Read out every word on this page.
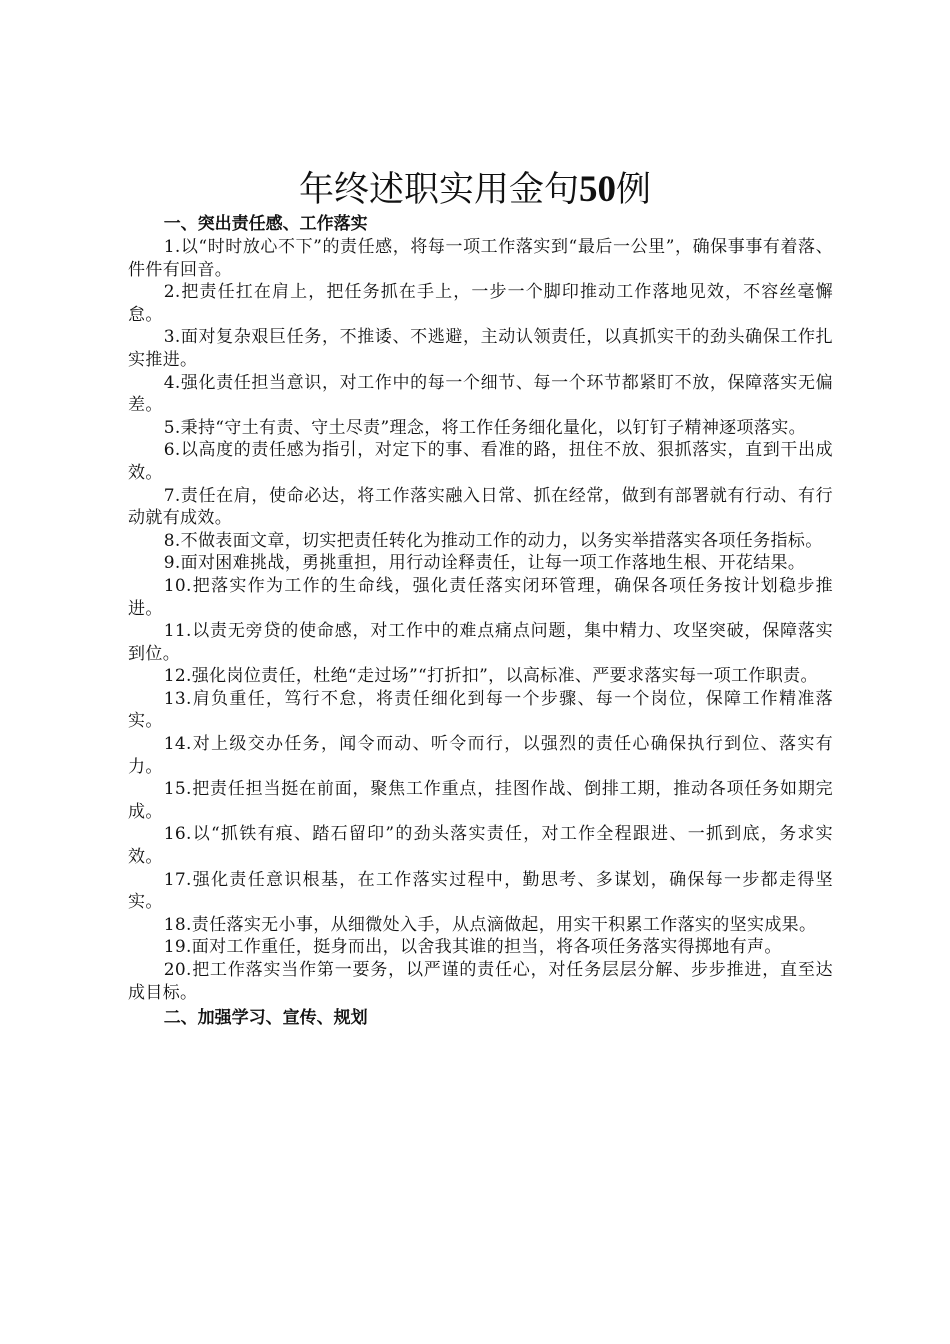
年终述职实用金句50例

一、突出责任感、工作落实

1.以“时时放心不下”的责任感，将每一项工作落实到“最后一公里”，确保事事有着落、件件有回音。

2.把责任扛在肩上，把任务抓在手上，一步一个脚印推动工作落地见效，不容丝毫懈怠。

3.面对复杂艰巨任务，不推诿、不逃避，主动认领责任，以真抓实干的劲头确保工作扎实推进。

4.强化责任担当意识，对工作中的每一个细节、每一个环节都紧盯不放，保障落实无偏差。

5.秉持“守土有责、守土尽责”理念，将工作任务细化量化，以钉钉子精神逐项落实。

6.以高度的责任感为指引，对定下的事、看准的路，扭住不放、狠抓落实，直到干出成效。

7.责任在肩，使命必达，将工作落实融入日常、抓在经常，做到有部署就有行动、有行动就有成效。

8.不做表面文章，切实把责任转化为推动工作的动力，以务实举措落实各项任务指标。

9.面对困难挑战，勇挑重担，用行动诠释责任，让每一项工作落地生根、开花结果。

10.把落实作为工作的生命线，强化责任落实闭环管理，确保各项任务按计划稳步推进。

11.以责无旁贷的使命感，对工作中的难点痛点问题，集中精力、攻坚突破，保障落实到位。

12.强化岗位责任，杜绝“走过场”“打折扣”，以高标准、严要求落实每一项工作职责。

13.肩负重任，笃行不怠，将责任细化到每一个步骤、每一个岗位，保障工作精准落实。

14.对上级交办任务，闻令而动、听令而行，以强烈的责任心确保执行到位、落实有力。

15.把责任担当挺在前面，聚焦工作重点，挂图作战、倒排工期，推动各项任务如期完成。

16.以“抓铁有痕、踏石留印”的劲头落实责任，对工作全程跟进、一抓到底，务求实效。

17.强化责任意识根基，在工作落实过程中，勤思考、多谋划，确保每一步都走得坚实。

18.责任落实无小事，从细微处入手，从点滴做起，用实干积累工作落实的坚实成果。

19.面对工作重任，挺身而出，以舍我其谁的担当，将各项任务落实得掷地有声。

20.把工作落实当作第一要务，以严谨的责任心，对任务层层分解、步步推进，直至达成目标。

二、加强学习、宣传、规划
